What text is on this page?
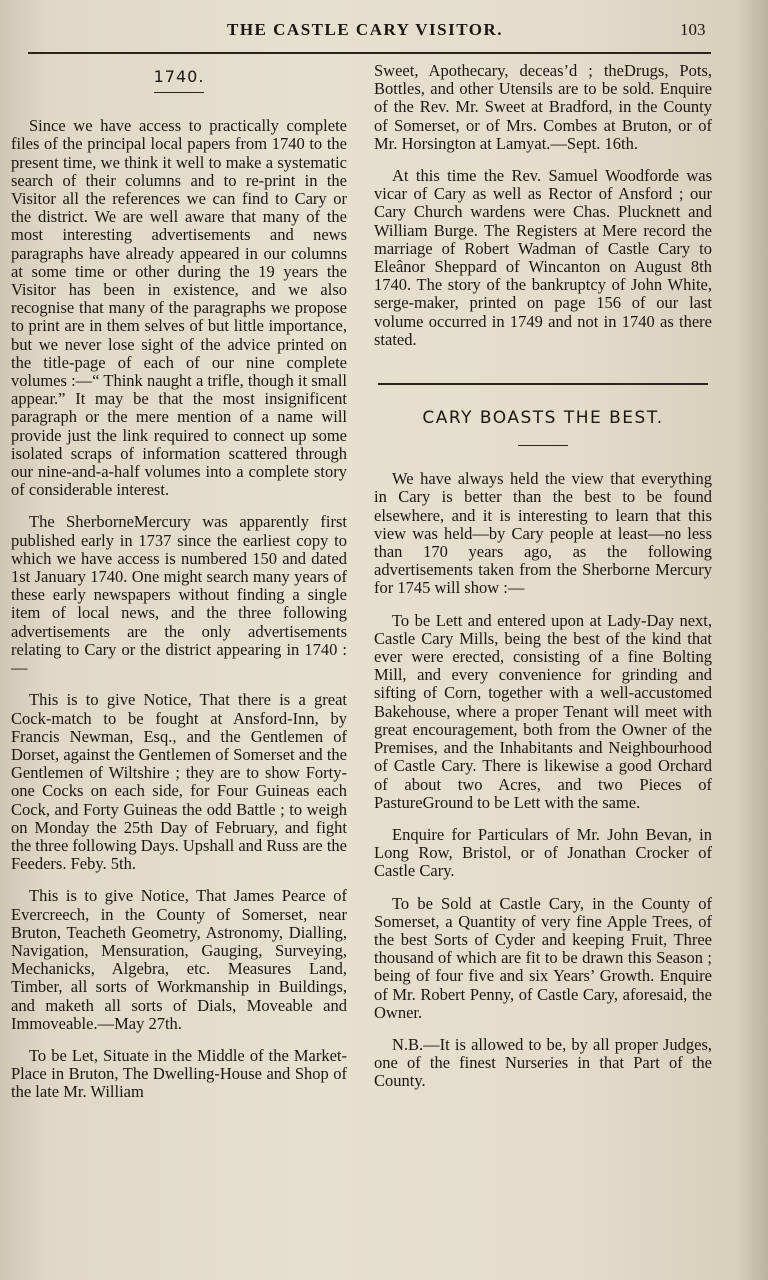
THE CASTLE CARY VISITOR.	103
1740.

Since we have access to practically complete files of the principal local papers from 1740 to the present time, we think it well to make a systematic search of their columns and to re-print in the Visitor all the references we can find to Cary or the district. We are well aware that many of the most interesting advertisements and news paragraphs have already appeared in our columns at some time or other during the 19 years the Visitor has been in existence, and we also recognise that many of the paragraphs we propose to print are in them selves of but little importance, but we never lose sight of the advice printed on the title-page of each of our nine complete volumes :—“ Think naught a trifle, though it small appear.” It may be that the most insignificent paragraph or the mere mention of a name will provide just the link required to connect up some isolated scraps of information scattered through our nine-and-a-half volumes into a complete story of considerable interest.

The SherborneMercury was apparently first published early in 1737 since the earliest copy to which we have access is numbered 150 and dated 1st January 1740. One might search many years of these early newspapers without finding a single item of local news, and the three following advertisements are the only advertisements relating to Cary or the district appearing in 1740 :—

This is to give Notice, That there is a great Cock-match to be fought at Ansford-Inn, by Francis Newman, Esq., and the Gentlemen of Dorset, against the Gentlemen of Somerset and the Gentlemen of Wiltshire ; they are to show Forty-one Cocks on each side, for Four Guineas each Cock, and Forty Guineas the odd Battle ; to weigh on Monday the 25th Day of February, and fight the three following Days. Upshall and Russ are the Feeders. Feby. 5th.

This is to give Notice, That James Pearce of Evercreech, in the County of Somerset, near Bruton, Teacheth Geometry, Astronomy, Dialling, Navigation, Mensuration, Gauging, Surveying, Mechanicks, Algebra, etc. Measures Land, Timber, all sorts of Workmanship in Buildings, and maketh all sorts of Dials, Moveable and Immoveable.—May 27th.

To be Let, Situate in the Middle of the Market-Place in Bruton, The Dwelling-House and Shop of the late Mr. William

Sweet, Apothecary, deceas’d ; theDrugs, Pots, Bottles, and other Utensils are to be sold. Enquire of the Rev. Mr. Sweet at Bradford, in the County of Somerset, or of Mrs. Combes at Bruton, or of Mr. Horsington at Lamyat.—Sept. 16th.

At this time the Rev. Samuel Woodforde was vicar of Cary as well as Rector of Ansford ; our Cary Church wardens were Chas. Plucknett and William Burge. The Registers at Mere record the marriage of Robert Wadman of Castle Cary to Eleânor Sheppard of Wincanton on August 8th 1740. The story of the bankruptcy of John White, serge-maker, printed on page 156 of our last volume occurred in 1749 and not in 1740 as there stated.

CARY BOASTS THE BEST.

We have always held the view that everything in Cary is better than the best to be found elsewhere, and it is interesting to learn that this view was held—by Cary people at least—no less than 170 years ago, as the following advertisements taken from the Sherborne Mercury for 1745 will show :—

To be Lett and entered upon at Lady-Day next, Castle Cary Mills, being the best of the kind that ever were erected, consisting of a fine Bolting Mill, and every convenience for grinding and sifting of Corn, together with a well-accustomed Bakehouse, where a proper Tenant will meet with great encouragement, both from the Owner of the Premises, and the Inhabitants and Neighbourhood of Castle Cary. There is likewise a good Orchard of about two Acres, and two Pieces of PastureGround to be Lett with the same.

Enquire for Particulars of Mr. John Bevan, in Long Row, Bristol, or of Jonathan Crocker of Castle Cary.

To be Sold at Castle Cary, in the County of Somerset, a Quantity of very fine Apple Trees, of the best Sorts of Cyder and keeping Fruit, Three thousand of which are fit to be drawn this Season ; being of four five and six Years’ Growth. Enquire of Mr. Robert Penny, of Castle Cary, aforesaid, the Owner.

N.B.—It is allowed to be, by all proper Judges, one of the finest Nurseries in that Part of the County.
